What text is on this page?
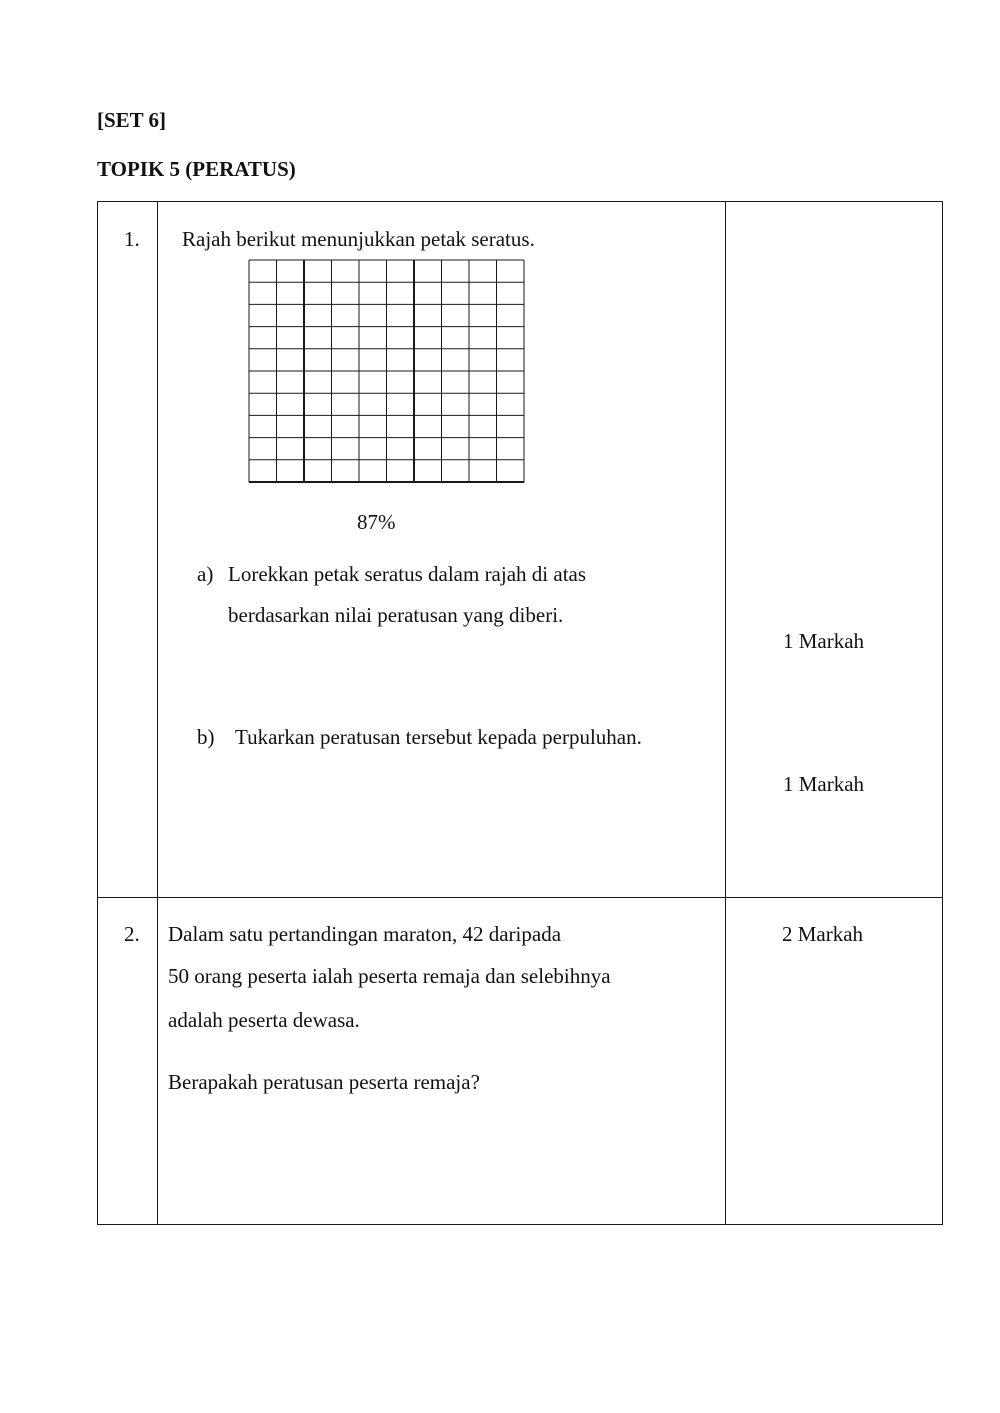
[SET 6]
TOPIK 5 (PERATUS)
1. Rajah berikut menunjukkan petak seratus.
87%
a) Lorekkan petak seratus dalam rajah di atas
berdasarkan nilai peratusan yang diberi.
1 Markah
b) Tukarkan peratusan tersebut kepada perpuluhan.
1 Markah
2. Dalam satu pertandingan maraton, 42 daripada
50 orang peserta ialah peserta remaja dan selebihnya
adalah peserta dewasa.
Berapakah peratusan peserta remaja?
2 Markah
